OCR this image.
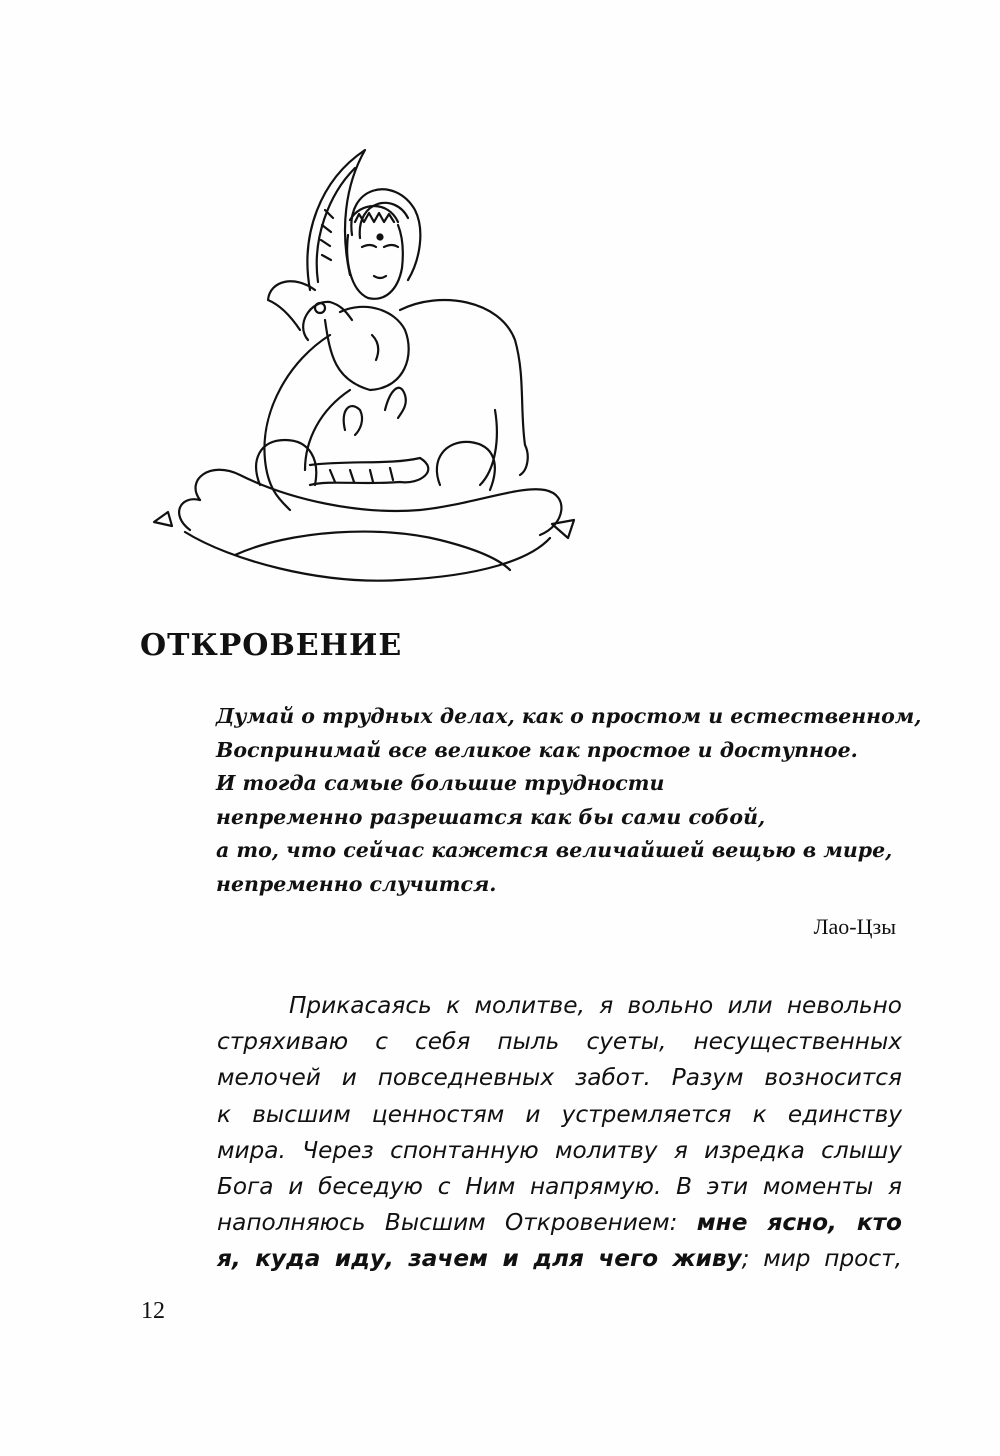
ОТКРОВЕНИЕ
Думай о трудных делах, как о простом и естественном,
Воспринимай все великое как простое и доступное.
И тогда самые большие трудности
непременно разрешатся как бы сами собой,
а то, что сейчас кажется величайшей вещью в мире,
непременно случится.
Лао-Цзы
Прикасаясь к молитве, я вольно или невольно
стряхиваю с себя пыль суеты, несущественных
мелочей и повседневных забот. Разум возносится
к высшим ценностям и устремляется к единству
мира. Через спонтанную молитву я изредка слышу
Бога и беседую с Ним напрямую. В эти моменты я
наполняюсь Высшим Откровением: мне ясно, кто
я, куда иду, зачем и для чего живу; мир прост,
12
